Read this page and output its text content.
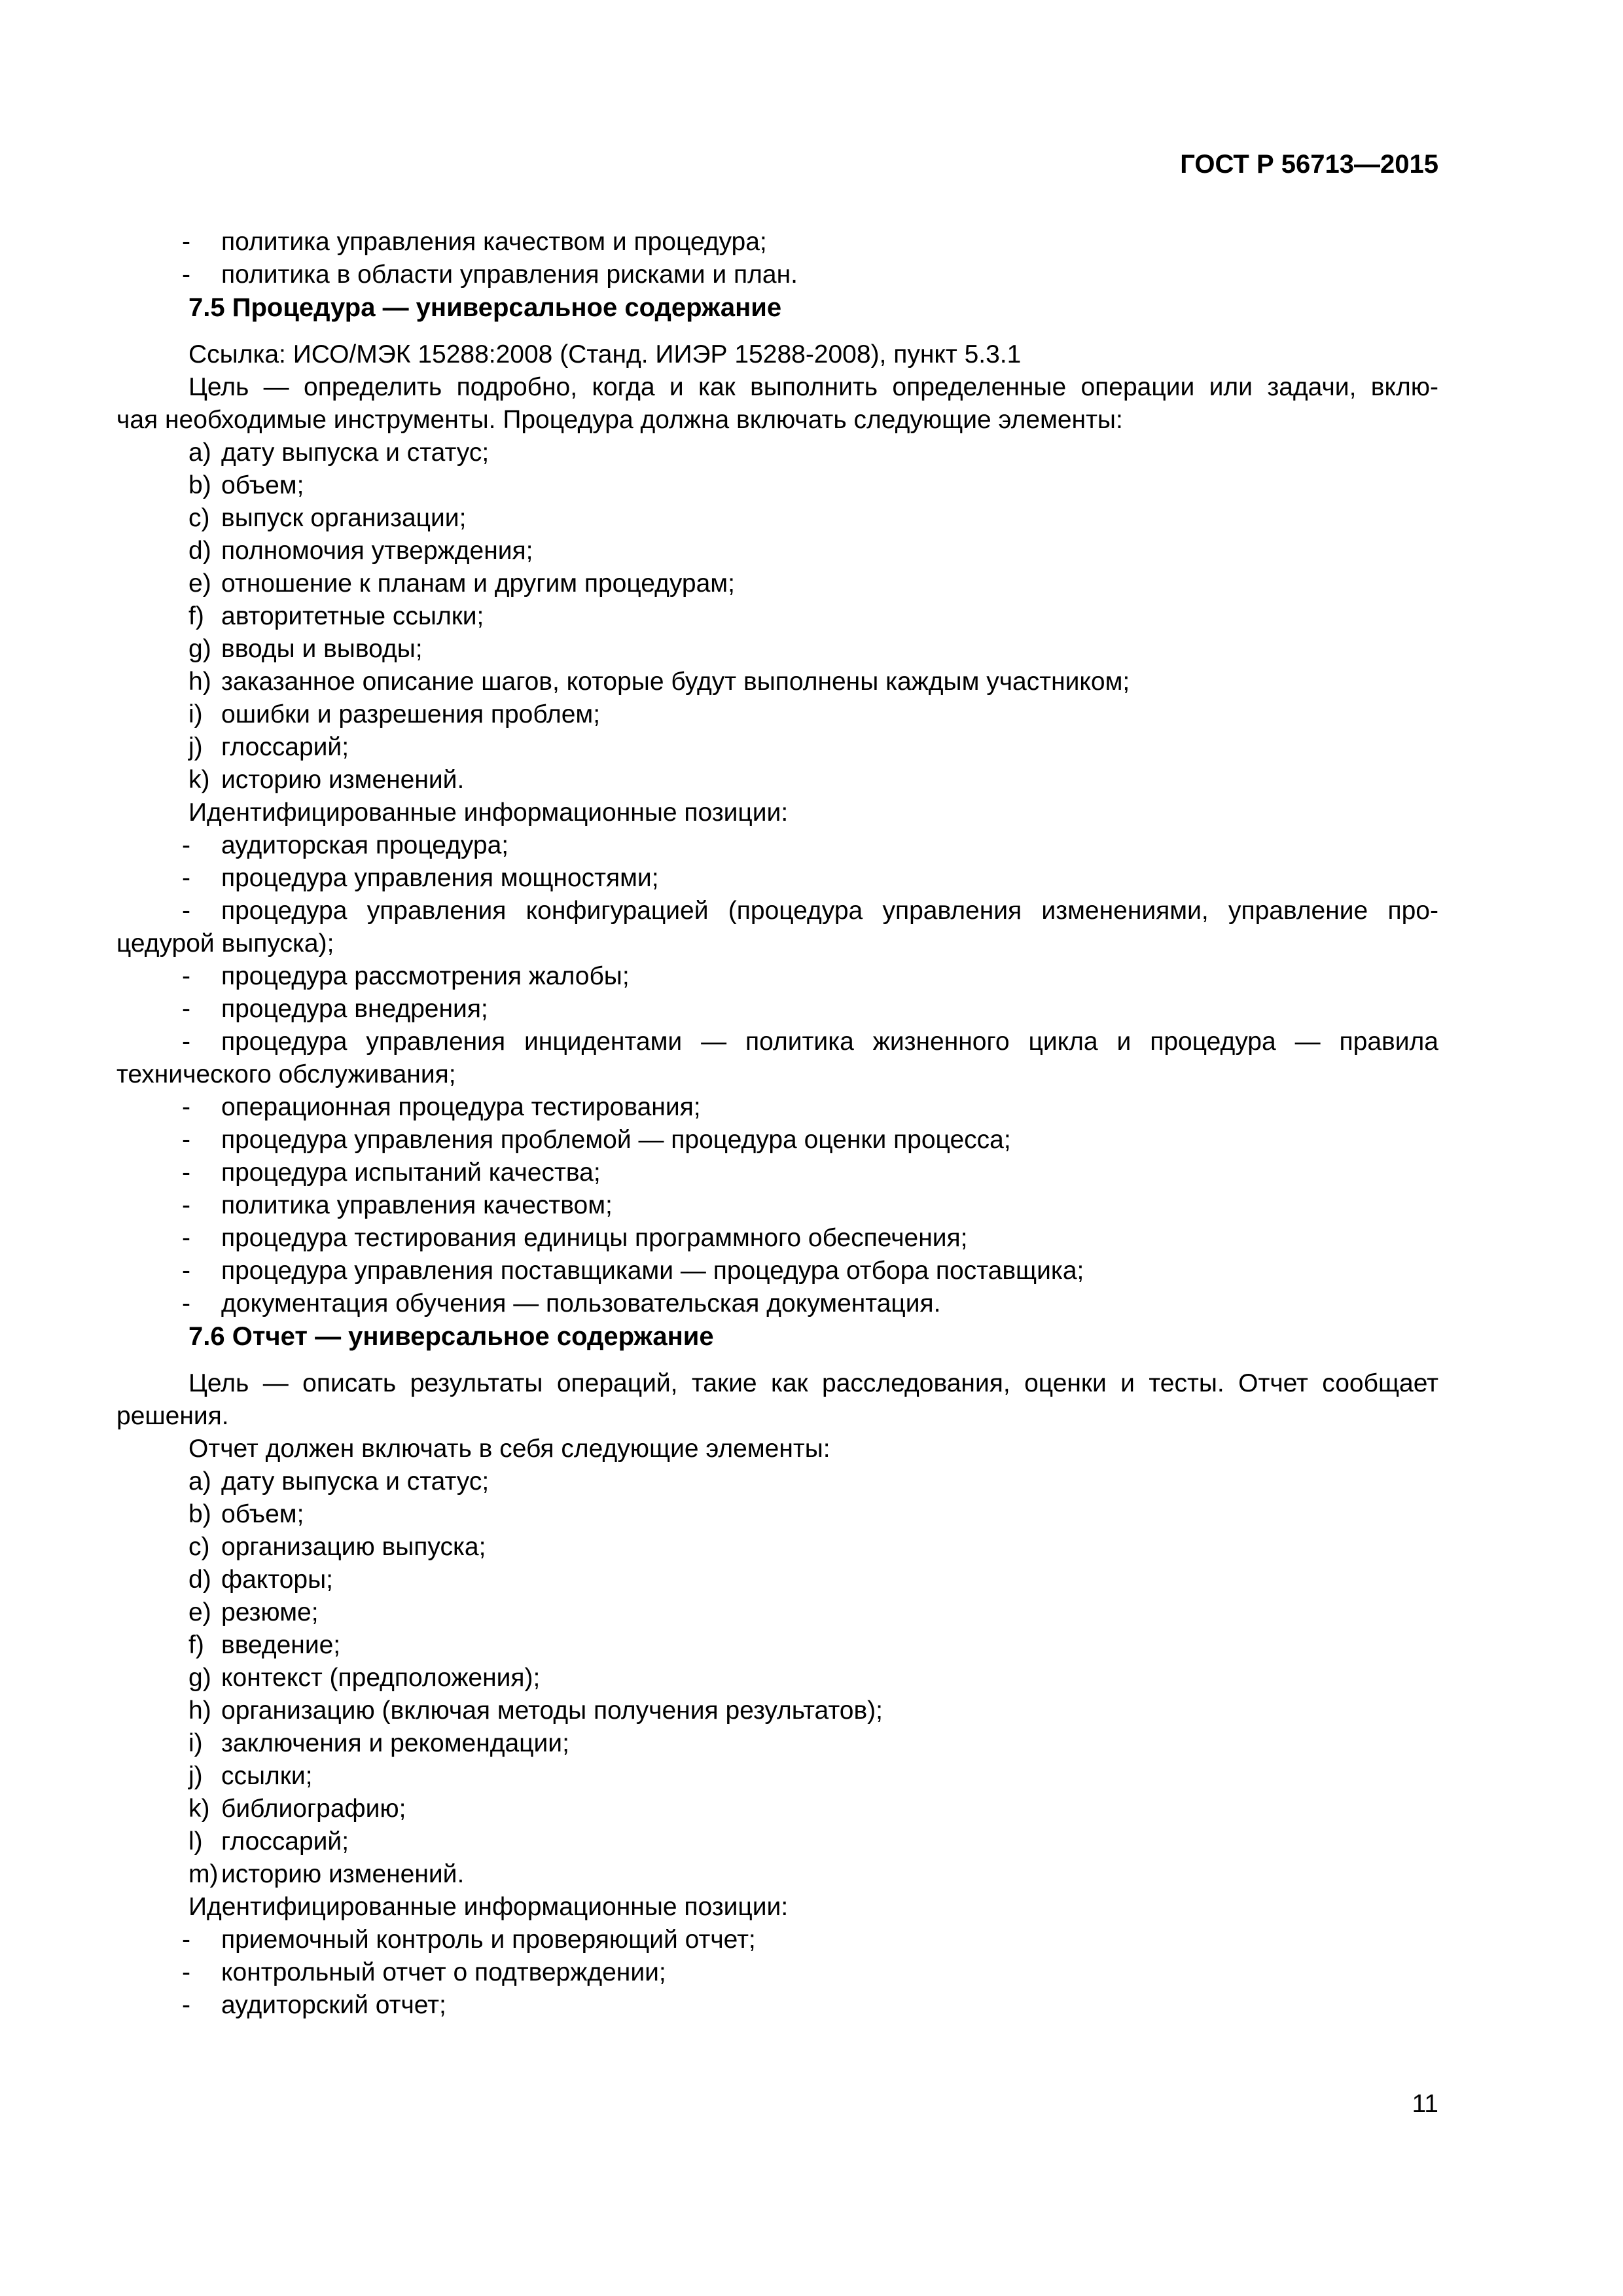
ГОСТ Р 56713—2015
- политика управления качеством и процедура;
- политика в области управления рисками и план.
7.5 Процедура — универсальное содержание
Ссылка: ИСО/МЭК 15288:2008 (Станд. ИИЭР 15288-2008), пункт 5.3.1
Цель — определить подробно, когда и как выполнить определенные операции или задачи, вклю-
чая необходимые инструменты. Процедура должна включать следующие элементы:
a) дату выпуска и статус;
b) объем;
c) выпуск организации;
d) полномочия утверждения;
e) отношение к планам и другим процедурам;
f) авторитетные ссылки;
g) вводы и выводы;
h) заказанное описание шагов, которые будут выполнены каждым участником;
i) ошибки и разрешения проблем;
j) глоссарий;
k) историю изменений.
Идентифицированные информационные позиции:
- аудиторская процедура;
- процедура управления мощностями;
- процедура управления конфигурацией (процедура управления изменениями, управление про-
цедурой выпуска);
- процедура рассмотрения жалобы;
- процедура внедрения;
- процедура управления инцидентами — политика жизненного цикла и процедура — правила
технического обслуживания;
- операционная процедура тестирования;
- процедура управления проблемой — процедура оценки процесса;
- процедура испытаний качества;
- политика управления качеством;
- процедура тестирования единицы программного обеспечения;
- процедура управления поставщиками — процедура отбора поставщика;
- документация обучения — пользовательская документация.
7.6 Отчет — универсальное содержание
Цель — описать результаты операций, такие как расследования, оценки и тесты. Отчет сообщает
решения.
Отчет должен включать в себя следующие элементы:
a) дату выпуска и статус;
b) объем;
c) организацию выпуска;
d) факторы;
e) резюме;
f) введение;
g) контекст (предположения);
h) организацию (включая методы получения результатов);
i) заключения и рекомендации;
j) ссылки;
k) библиографию;
l) глоссарий;
m) историю изменений.
Идентифицированные информационные позиции:
- приемочный контроль и проверяющий отчет;
- контрольный отчет о подтверждении;
- аудиторский отчет;
11
